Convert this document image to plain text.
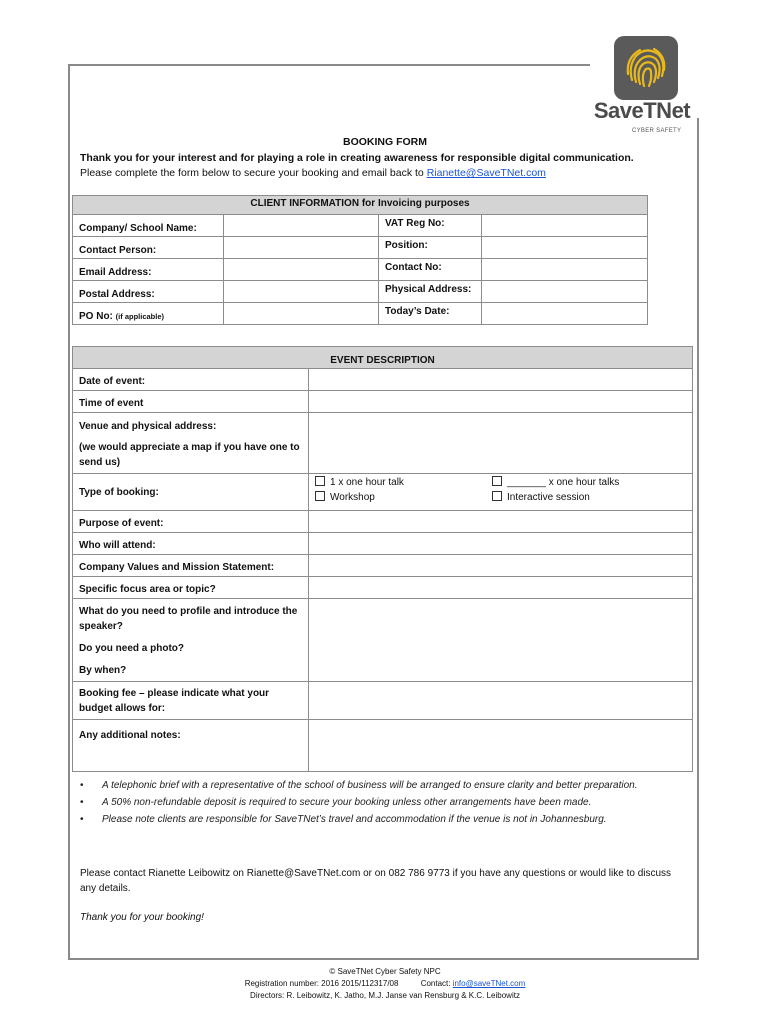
SaveTNet
CYBER SAFETY
BOOKING FORM
Thank you for your interest and for playing a role in creating awareness for responsible digital communication.
Please complete the form below to secure your booking and email back to Rianette@SaveTNet.com
CLIENT INFORMATION for Invoicing purposes			
Company/ School Name:		VAT Reg No:	
Contact Person:		Position:	
Email Address:		Contact No:	
Postal Address:		Physical Address:	
PO No: (if applicable)		Today’s Date:	
EVENT DESCRIPTION	
Date of event:	
Time of event	

Venue and physical address:
(we would appreciate a map if you have one to send us)	

Type of booking:	1 x one hour talk
Workshop
_______ x one hour talks
Interactive session

Purpose of event:	
Who will attend:	
Company Values and Mission Statement:	
Specific focus area or topic?	

What do you need to profile and introduce the speaker?
Do you need a photo?
By when?	

Booking fee – please indicate what your budget allows for:	
Any additional notes:	
• A telephonic brief with a representative of the school of business will be arranged to ensure clarity and better preparation.
• A 50% non-refundable deposit is required to secure your booking unless other arrangements have been made.
• Please note clients are responsible for SaveTNet’s travel and accommodation if the venue is not in Johannesburg.
Please contact Rianette Leibowitz on Rianette@SaveTNet.com or on 082 786 9773 if you have any questions or would like to discuss any details.
Thank you for your booking!
© SaveTNet Cyber Safety NPC
Registration number: 2016 2015/112317/08	Contact: info@saveTNet.com
Directors: R. Leibowitz, K. Jatho, M.J. Janse van Rensburg & K.C. Leibowitz
